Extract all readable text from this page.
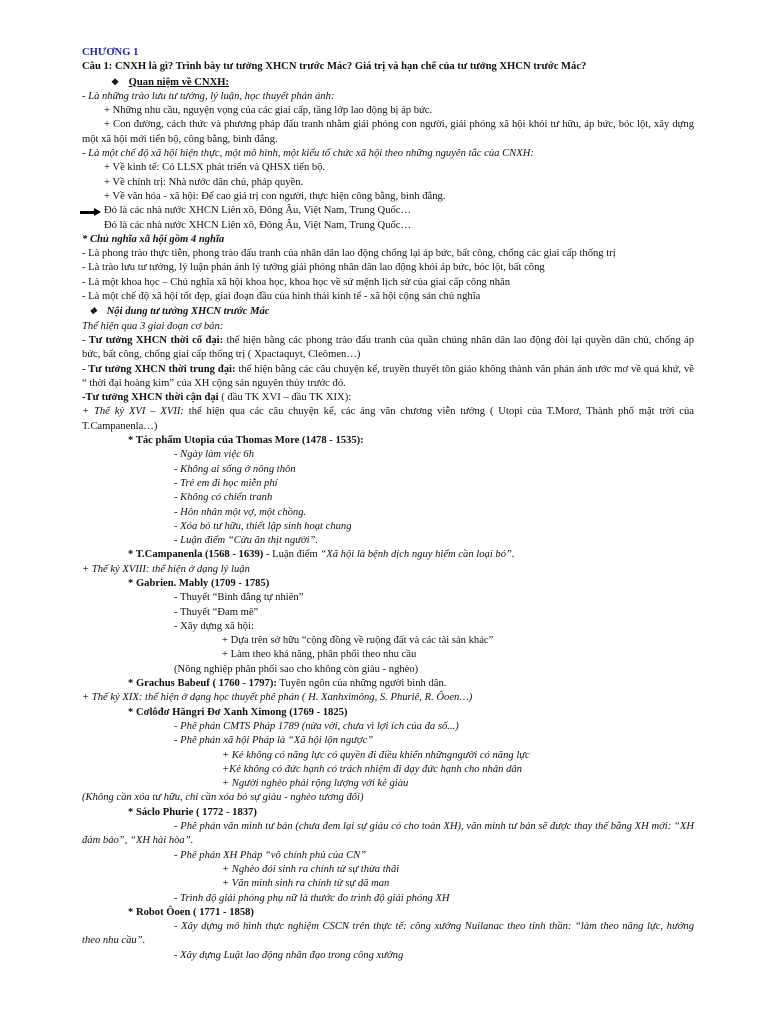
CHƯƠNG 1
Câu 1: CNXH là gì? Trình bày tư tưởng XHCN trước Mác? Giá trị và hạn chế của tư tưởng XHCN trước Mác?
❖ Quan niệm về CNXH:
- Là những trào lưu tư tưởng, lý luận, học thuyết phản ánh:
+ Những nhu cầu, nguyện vọng của các giai cấp, tầng lớp lao động bị áp bức.
+ Con đường, cách thức và phương pháp đấu tranh nhằm giải phóng con người, giải phóng xã hội khỏi tư hữu, áp bức, bóc lột, xây dựng một xã hội mới tiến bộ, công bằng, bình đẳng.
- Là một chế độ xã hội hiện thực, một mô hình, một kiểu tổ chức xã hội theo những nguyên tắc của CNXH:
+ Về kinh tế: Có LLSX phát triển và QHSX tiến bộ.
+ Về chính trị: Nhà nước dân chủ, pháp quyền.
+ Về văn hóa - xã hội: Để cao giá trị con người, thực hiện công bằng, bình đẳng.
Đó là các nhà nước XHCN Liên xô, Đông Âu, Việt Nam, Trung Quốc…
Đó là các nhà nước XHCN Liên xô, Đông Âu, Việt Nam, Trung Quốc…
* Chủ nghĩa xã hội gồm 4 nghĩa
- Là phong trào thực tiễn, phong trào đấu tranh của nhân dân lao động chống lại áp bức, bất công, chống các giai cấp thống trị
- Là trào lưu tư tưởng, lý luận phản ánh lý tưởng giải phóng nhân dân lao động khỏi áp bức, bóc lột, bất công
- Là một khoa học – Chủ nghĩa xã hội khoa học, khoa học về sứ mệnh lịch sử của giai cấp công nhân
- Là một chế độ xã hội tốt đẹp, giai đoạn đầu của hình thái kinh tế - xã hội cộng sản chủ nghĩa
❖ Nội dung tư tưởng XHCN trước Mác
Thể hiện qua 3 giai đoạn cơ bản:
- Tư tưởng XHCN thời cổ đại: thể hiện bằng các phong trào đấu tranh của quần chúng nhân dân lao động đòi lại quyền dân chủ, chống áp bức, bất công, chống giai cấp thống trị ( Xpactaquyt, Cleômen…)
- Tư tưởng XHCN thời trung đại: thể hiện bằng các câu chuyện kể, truyền thuyết tôn giáo không thành văn phản ánh ước mơ về quá khứ, về “ thời đại hoàng kim” của XH cộng sản nguyên thủy trước đó.
-Tư tưởng XHCN thời cận đại ( đầu TK XVI – đầu TK XIX):
+ Thế kỷ XVI – XVII: thể hiện qua các câu chuyện kể, các áng văn chương viễn tưởng ( Utopi của T.Morơ, Thành phố mặt trời của T.Campanenla…)
* Tác phẩm Utopia của Thomas More (1478 - 1535):
- Ngày làm việc 6h
- Không ai sống ở nông thôn
- Trẻ em đi học miễn phí
- Không có chiến tranh
- Hôn nhân một vợ, một chồng.
- Xóa bỏ tư hữu, thiết lập sinh hoạt chung
- Luận điểm “Cừu ăn thịt người”.
* T.Campanenla (1568 - 1639) - Luận điểm “Xã hội là bệnh dịch nguy hiểm cần loại bỏ”.
+ Thế kỷ XVIII: thể hiện ở dạng lý luận
* Gabrien. Mably (1709 - 1785)
- Thuyết “Bình đẳng tự nhiên”
- Thuyết “Đam mê”
- Xây dựng xã hội:
+ Dựa trên sở hữu “cộng đồng về ruộng đất và các tài sản khác”
+ Làm theo khả năng, phân phối theo nhu cầu
(Nông nghiệp phân phối sao cho không còn giàu - nghèo)
* Grachus Babeuf ( 1760 - 1797): Tuyên ngôn của những người bình dân.
+ Thế kỷ XIX: thể hiện ở dạng học thuyết phê phán ( H. Xanhximông, S. Phuriê, R. Ôoen…)
* Cơlôđơ Hăngri Đơ Xanh Ximong (1769 - 1825)
- Phê phán CMTS Pháp 1789 (nửa vời, chưa vì lợi ích của đa số...)
- Phê phán xã hội Pháp là “Xã hội lộn ngược”
+ Kẻ không có năng lực có quyền đi điều khiển nhữngngười có năng lực
+Kẻ không có đức hạnh có trách nhiệm đi dạy đức hạnh cho nhân dân
+ Người nghèo phải rộng lượng với kẻ giàu
(Không cần xóa tư hữu, chỉ cần xóa bỏ sự giàu - nghèo tương đối)
* Sáclo Phurie ( 1772 - 1837)
- Phê phán văn minh tư bản (chưa đem lại sự giàu có cho toàn XH), văn minh tư bản sẽ được thay thế bằng XH mới: “XH đảm bảo”, “XH hài hòa”.
- Phê phán XH Pháp “vô chính phủ của CN”
+ Nghèo đói sinh ra chính từ sự thừa thãi
+ Văn minh sinh ra chính từ sự dã man
- Trình độ giải phóng phụ nữ là thước đo trình độ giải phóng XH
* Robot Ôoen ( 1771 - 1858)
- Xây dựng mô hình thực nghiệm CSCN trên thực tế: công xưởng Nuilanac theo tinh thần: “làm theo năng lực, hưởng theo nhu cầu”.
- Xây dựng Luật lao động nhân đạo trong công xưởng
